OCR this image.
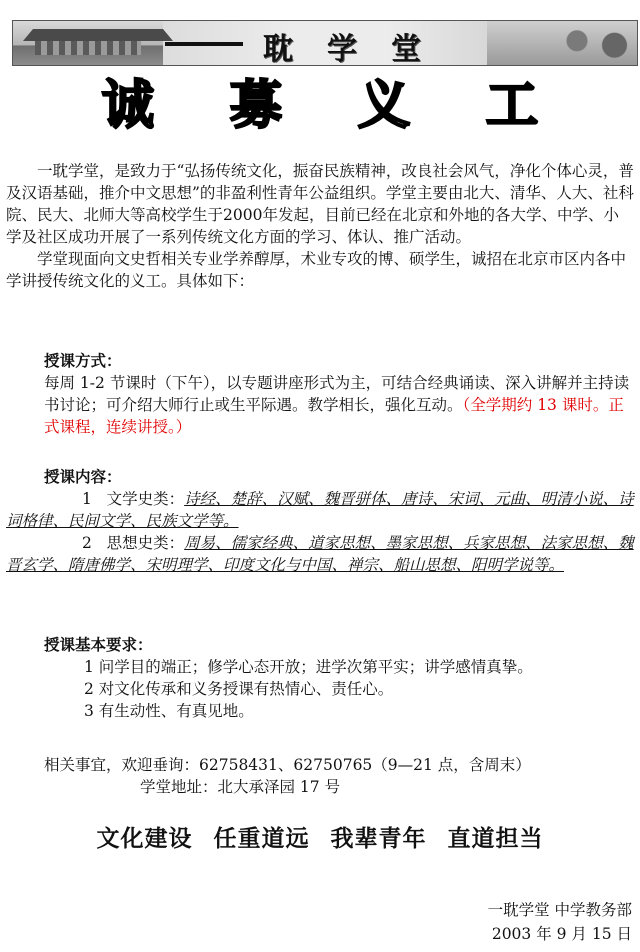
耽学堂
诚 募 义 工

一耽学堂，是致力于“弘扬传统文化，振奋民族精神，改良社会风气，净化个体心灵，普及汉语基础，推介中文思想”的非盈利性青年公益组织。学堂主要由北大、清华、人大、社科院、民大、北师大等高校学生于2000年发起，目前已经在北京和外地的各大学、中学、小学及社区成功开展了一系列传统文化方面的学习、体认、推广活动。

学堂现面向文史哲相关专业学养醇厚，术业专攻的博、硕学生，诚招在北京市区内各中学讲授传统文化的义工。具体如下：

授课方式：

每周 1-2 节课时（下午），以专题讲座形式为主，可结合经典诵读、深入讲解并主持读书讨论；可介绍大师行止或生平际遇。教学相长，强化互动。（全学期约 13 课时。正式课程，连续讲授。）

授课内容：

1 文学史类：诗经、楚辞、汉赋、魏晋骈体、唐诗、宋词、元曲、明清小说、诗词格律、民间文学、民族文学等。

2 思想史类：周易、儒家经典、道家思想、墨家思想、兵家思想、法家思想、魏晋玄学、隋唐佛学、宋明理学、印度文化与中国、禅宗、船山思想、阳明学说等。

授课基本要求：

1 问学目的端正；修学心态开放；进学次第平实；讲学感情真挚。

2 对文化传承和义务授课有热情心、责任心。

3 有生动性、有真见地。

相关事宜，欢迎垂询：62758431、62750765（9—21 点，含周末）

学堂地址：北大承泽园 17 号

文化建设 任重道远 我辈青年 直道担当
一耽学堂 中学教务部
2003 年 9 月 15 日
